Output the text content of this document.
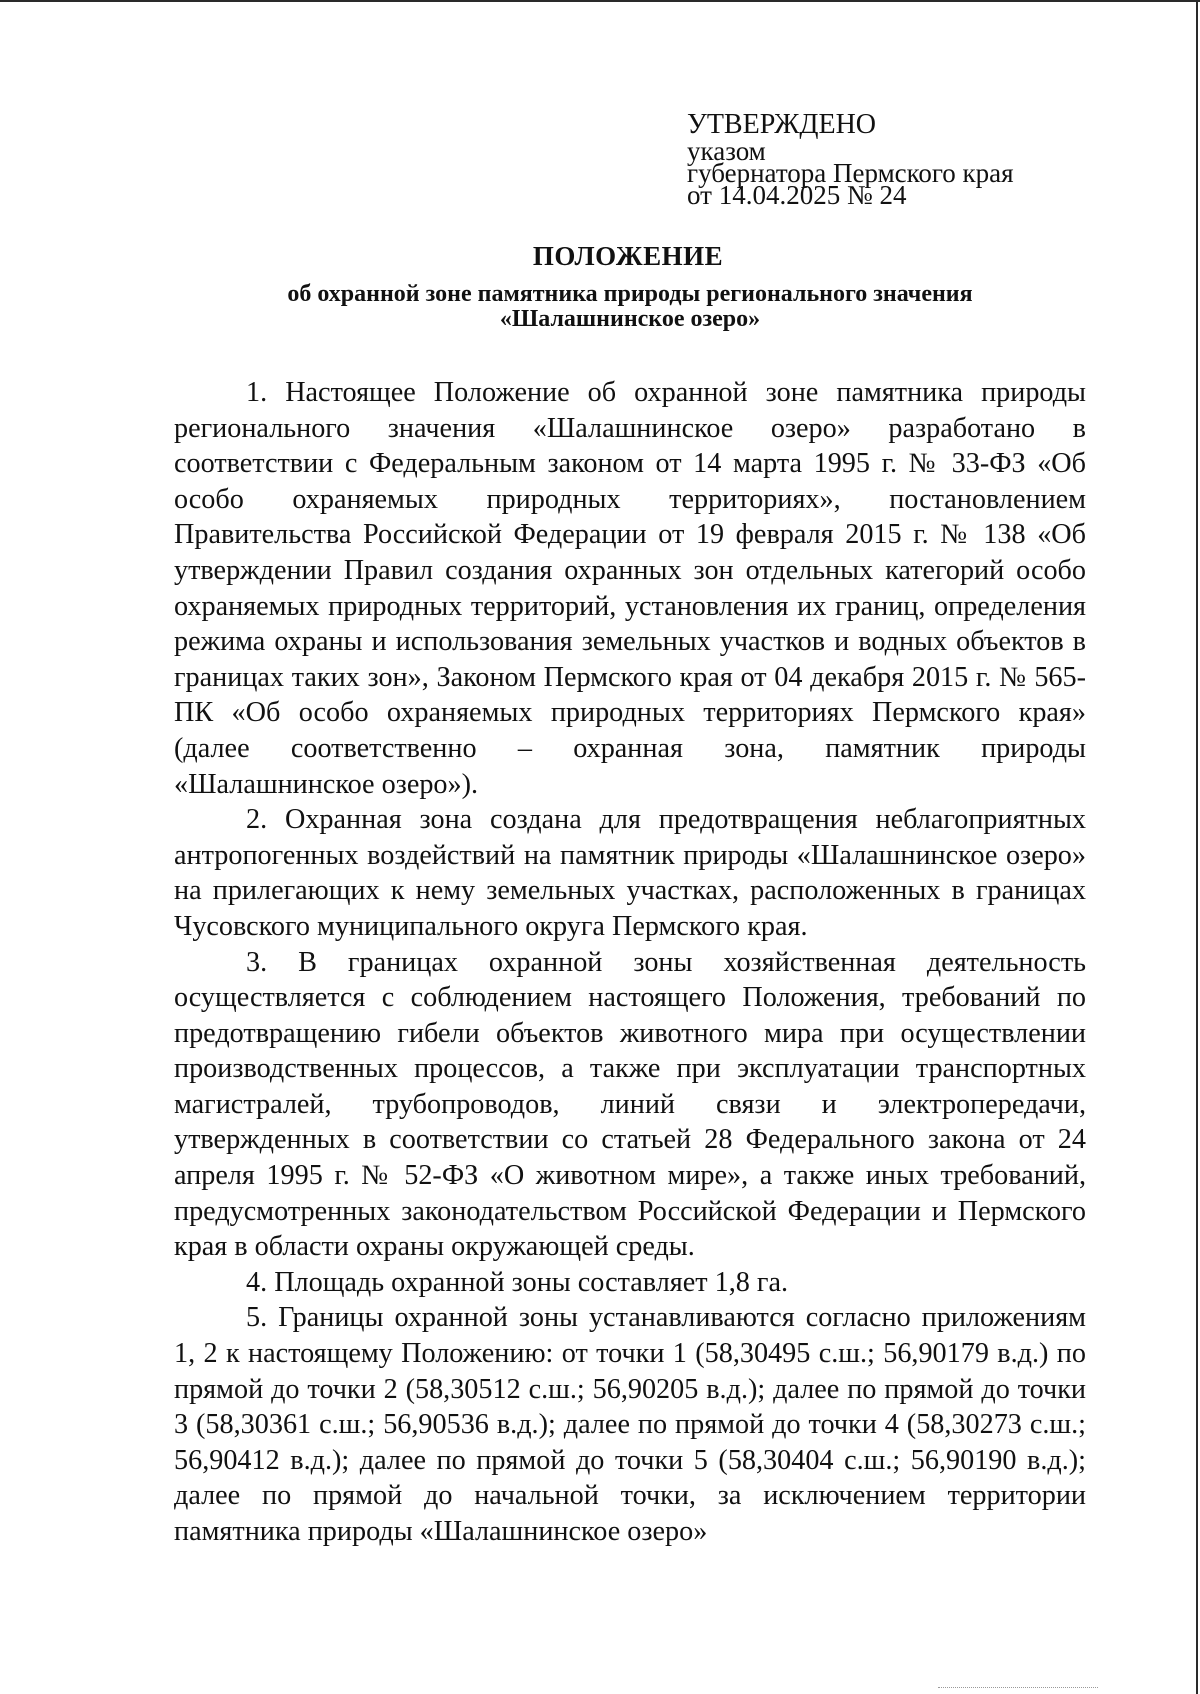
УТВЕРЖДЕНО
указом
губернатора Пермского края
от 14.04.2025 № 24
ПОЛОЖЕНИЕ
об охранной зоне памятника природы регионального значения
«Шалашнинское озеро»

1. Настоящее Положение об охранной зоне памятника природы регионального значения «Шалашнинское озеро» разработано в соответствии с Федеральным законом от 14 марта 1995 г. № 33-ФЗ «Об особо охраняемых природных территориях», постановлением Правительства Российской Федерации от 19 февраля 2015 г. № 138 «Об утверждении Правил создания охранных зон отдельных категорий особо охраняемых природных территорий, установления их границ, определения режима охраны и использования земельных участков и водных объектов в границах таких зон», Законом Пермского края от 04 декабря 2015 г. № 565-ПК «Об особо охраняемых природных территориях Пермского края» (далее соответственно – охранная зона, памятник природы «Шалашнинское озеро»).

2. Охранная зона создана для предотвращения неблагоприятных антропогенных воздействий на памятник природы «Шалашнинское озеро» на прилегающих к нему земельных участках, расположенных в границах Чусовского муниципального округа Пермского края.

3. В границах охранной зоны хозяйственная деятельность осуществляется с соблюдением настоящего Положения, требований по предотвращению гибели объектов животного мира при осуществлении производственных процессов, а также при эксплуатации транспортных магистралей, трубопроводов, линий связи и электропередачи, утвержденных в соответствии со статьей 28 Федерального закона от 24 апреля 1995 г. № 52-ФЗ «О животном мире», а также иных требований, предусмотренных законодательством Российской Федерации и Пермского края в области охраны окружающей среды.

4. Площадь охранной зоны составляет 1,8 га.

5. Границы охранной зоны устанавливаются согласно приложениям 1, 2 к настоящему Положению: от точки 1 (58,30495 с.ш.; 56,90179 в.д.) по прямой до точки 2 (58,30512 с.ш.; 56,90205 в.д.); далее по прямой до точки 3 (58,30361 с.ш.; 56,90536 в.д.); далее по прямой до точки 4 (58,30273 с.ш.; 56,90412 в.д.); далее по прямой до точки 5 (58,30404 с.ш.; 56,90190 в.д.); далее по прямой до начальной точки, за исключением территории памятника природы «Шалашнинское озеро»
